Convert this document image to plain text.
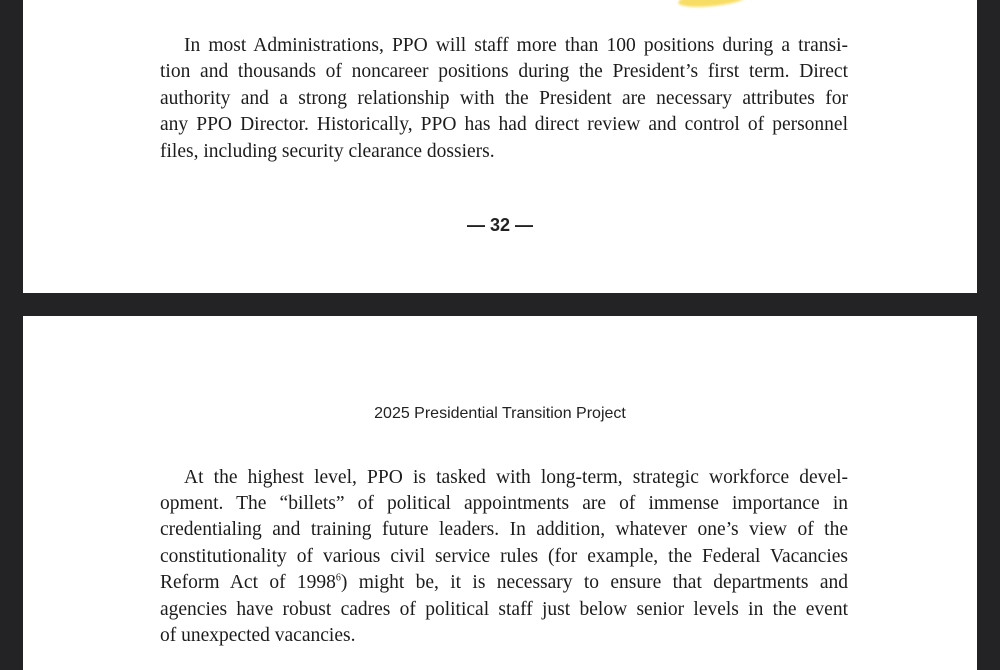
In most Administrations, PPO will staff more than 100 positions during a transi-
tion and thousands of noncareer positions during the President’s first term. Direct
authority and a strong relationship with the President are necessary attributes for
any PPO Director. Historically, PPO has had direct review and control of personnel
files, including security clearance dossiers.
— 32 —
2025 Presidential Transition Project
At the highest level, PPO is tasked with long-term, strategic workforce devel-
opment. The “billets” of political appointments are of immense importance in
credentialing and training future leaders. In addition, whatever one’s view of the
constitutionality of various civil service rules (for example, the Federal Vacancies
Reform Act of 1998$^6$) might be, it is necessary to ensure that departments and
agencies have robust cadres of political staff just below senior levels in the event
of unexpected vacancies.
